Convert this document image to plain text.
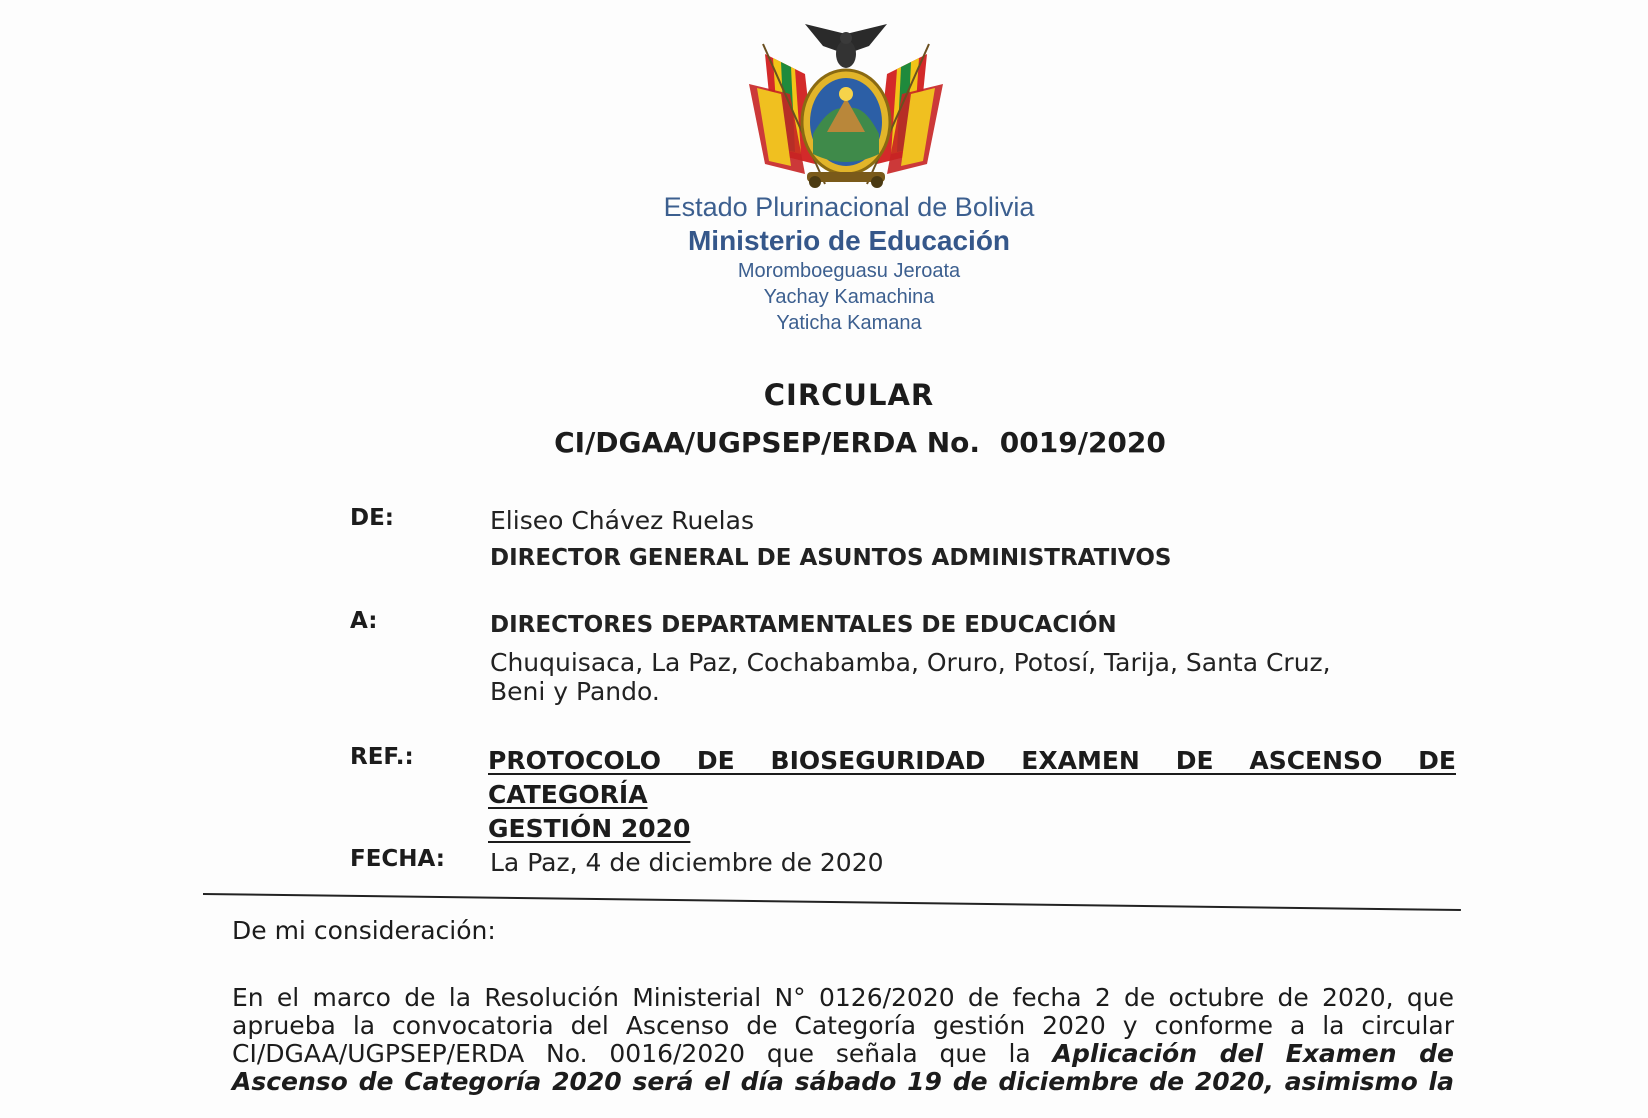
Estado Plurinacional de Bolivia
Ministerio de Educación
Moromboeguasu Jeroata
Yachay Kamachina
Yaticha Kamana
CIRCULAR
CI/DGAA/UGPSEP/ERDA No. 0019/2020
DE:	Eliseo Chávez Ruelas
DIRECTOR GENERAL DE ASUNTOS ADMINISTRATIVOS
A:	DIRECTORES DEPARTAMENTALES DE EDUCACIÓN
Chuquisaca, La Paz, Cochabamba, Oruro, Potosí, Tarija, Santa Cruz,
Beni y Pando.
REF.:	PROTOCOLO DE BIOSEGURIDAD EXAMEN DE ASCENSO DE CATEGORÍA
GESTIÓN 2020
FECHA: La Paz, 4 de diciembre de 2020
De mi consideración:
En el marco de la Resolución Ministerial N° 0126/2020 de fecha 2 de octubre de 2020, que
aprueba la convocatoria del Ascenso de Categoría gestión 2020 y conforme a la circular
CI/DGAA/UGPSEP/ERDA No. 0016/2020 que señala que la Aplicación del Examen de
Ascenso de Categoría 2020 será el día sábado 19 de diciembre de 2020, asimismo la
